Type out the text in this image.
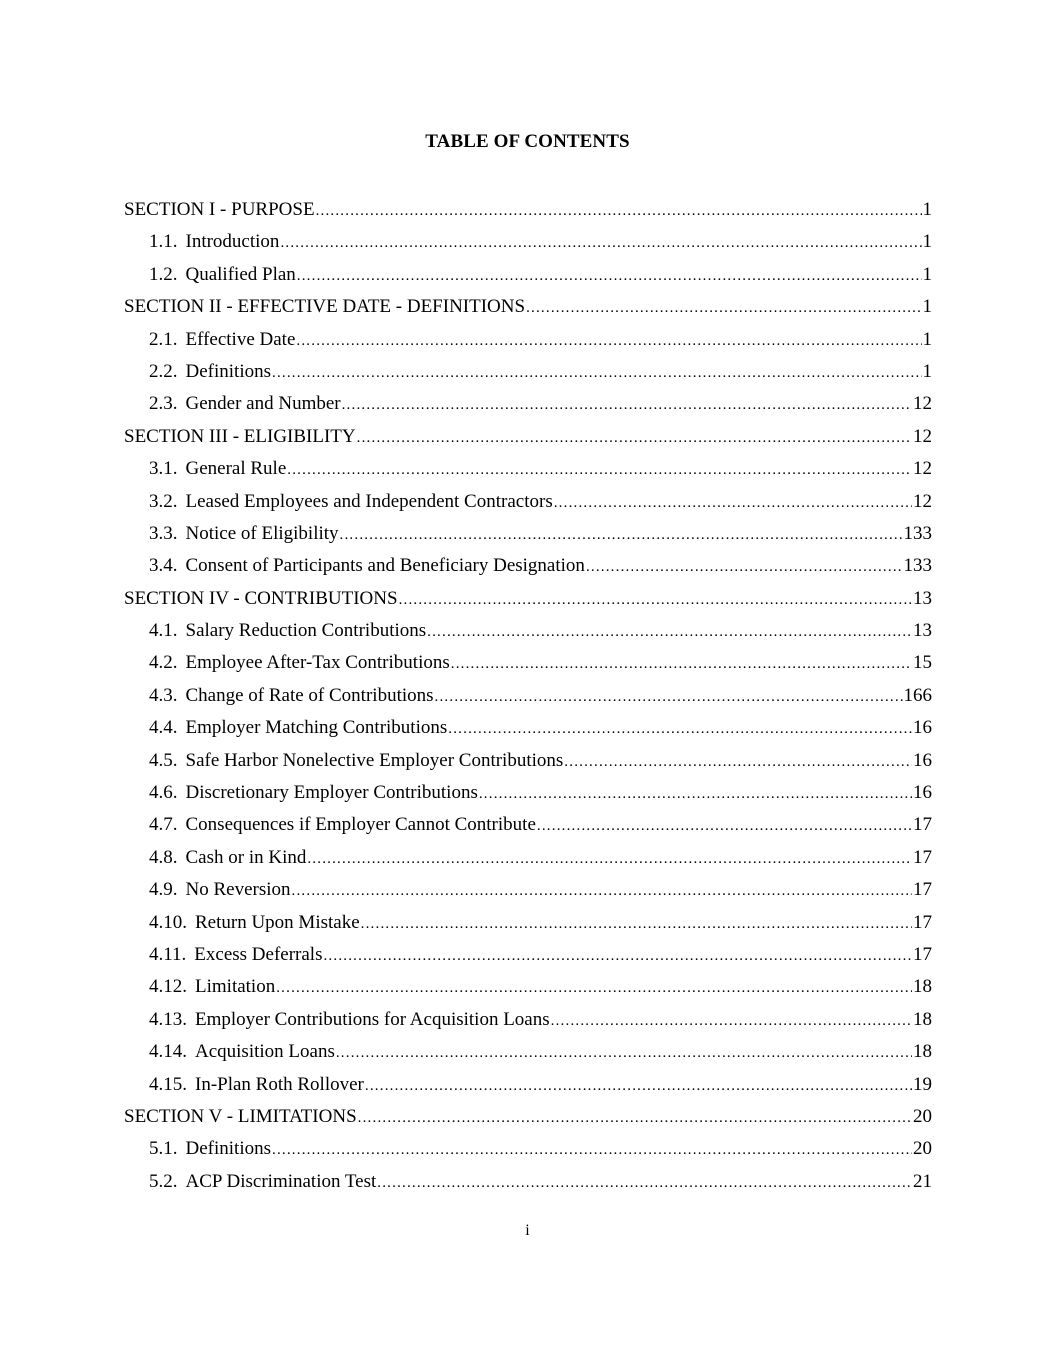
TABLE OF CONTENTS
SECTION I - PURPOSE .....	1
1.1. Introduction .....	1
1.2. Qualified Plan .....	1
SECTION II - EFFECTIVE DATE - DEFINITIONS .....	1
2.1. Effective Date .....	1
2.2. Definitions .....	1
2.3. Gender and Number .....	12
SECTION III - ELIGIBILITY .....	12
3.1. General Rule .....	12
3.2. Leased Employees and Independent Contractors .....	12
3.3. Notice of Eligibility .....	133
3.4. Consent of Participants and Beneficiary Designation .....	133
SECTION IV - CONTRIBUTIONS .....	13
4.1. Salary Reduction Contributions .....	13
4.2. Employee After-Tax Contributions .....	15
4.3. Change of Rate of Contributions .....	166
4.4. Employer Matching Contributions .....	16
4.5. Safe Harbor Nonelective Employer Contributions .....	16
4.6. Discretionary Employer Contributions .....	16
4.7. Consequences if Employer Cannot Contribute .....	17
4.8. Cash or in Kind .....	17
4.9. No Reversion .....	17
4.10. Return Upon Mistake .....	17
4.11. Excess Deferrals .....	17
4.12. Limitation .....	18
4.13. Employer Contributions for Acquisition Loans .....	18
4.14. Acquisition Loans .....	18
4.15. In-Plan Roth Rollover .....	19
SECTION V - LIMITATIONS .....	20
5.1. Definitions .....	20
5.2. ACP Discrimination Test .....	21
i
